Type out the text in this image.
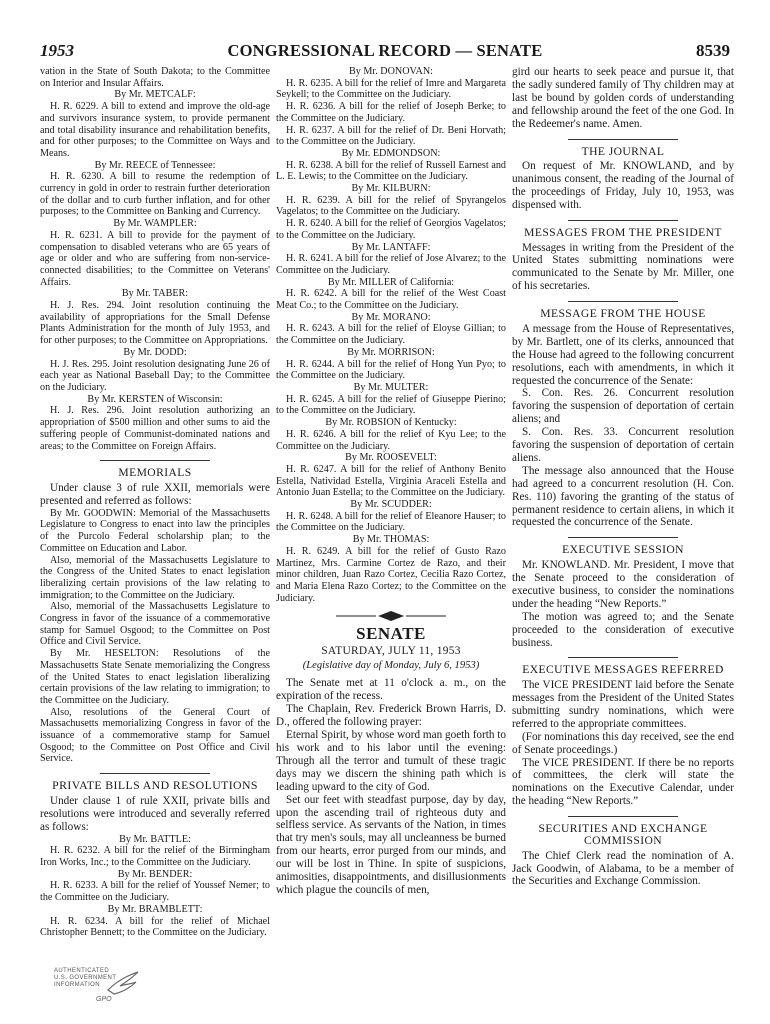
1953	CONGRESSIONAL RECORD — SENATE	8539

vation in the State of South Dakota; to the Committee on Interior and Insular Affairs.

By Mr. METCALF:

H. R. 6229. A bill to extend and improve the old-age and survivors insurance system, to provide permanent and total disability insurance and rehabilitation benefits, and for other purposes; to the Committee on Ways and Means.

By Mr. REECE of Tennessee:

H. R. 6230. A bill to resume the redemption of currency in gold in order to restrain further deterioration of the dollar and to curb further inflation, and for other purposes; to the Committee on Banking and Currency.

By Mr. WAMPLER:

H. R. 6231. A bill to provide for the payment of compensation to disabled veterans who are 65 years of age or older and who are suffering from non-service-connected disabilities; to the Committee on Veterans' Affairs.

By Mr. TABER:

H. J. Res. 294. Joint resolution continuing the availability of appropriations for the Small Defense Plants Administration for the month of July 1953, and for other purposes; to the Committee on Appropriations.

By Mr. DODD:

H. J. Res. 295. Joint resolution designating June 26 of each year as National Baseball Day; to the Committee on the Judiciary.

By Mr. KERSTEN of Wisconsin:

H. J. Res. 296. Joint resolution authorizing an appropriation of $500 million and other sums to aid the suffering people of Communist-dominated nations and areas; to the Committee on Foreign Affairs.

MEMORIALS

Under clause 3 of rule XXII, memorials were presented and referred as follows:

By Mr. GOODWIN: Memorial of the Massachusetts Legislature to Congress to enact into law the principles of the Purcolo Federal scholarship plan; to the Committee on Education and Labor.

Also, memorial of the Massachusetts Legislature to the Congress of the United States to enact legislation liberalizing certain provisions of the law relating to immigration; to the Committee on the Judiciary.

Also, memorial of the Massachusetts Legislature to Congress in favor of the issuance of a commemorative stamp for Samuel Osgood; to the Committee on Post Office and Civil Service.

By Mr. HESELTON: Resolutions of the Massachusetts State Senate memorializing the Congress of the United States to enact legislation liberalizing certain provisions of the law relating to immigration; to the Committee on the Judiciary.

Also, resolutions of the General Court of Massachusetts memorializing Congress in favor of the issuance of a commemorative stamp for Samuel Osgood; to the Committee on Post Office and Civil Service.

PRIVATE BILLS AND RESOLUTIONS

Under clause 1 of rule XXII, private bills and resolutions were introduced and severally referred as follows:

By Mr. BATTLE:

H. R. 6232. A bill for the relief of the Birmingham Iron Works, Inc.; to the Committee on the Judiciary.

By Mr. BENDER:

H. R. 6233. A bill for the relief of Youssef Nemer; to the Committee on the Judiciary.

By Mr. BRAMBLETT:

H. R. 6234. A bill for the relief of Michael Christopher Bennett; to the Committee on the Judiciary.

By Mr. DONOVAN:

H. R. 6235. A bill for the relief of Imre and Margareta Seykell; to the Committee on the Judiciary.

H. R. 6236. A bill for the relief of Joseph Berke; to the Committee on the Judiciary.

H. R. 6237. A bill for the relief of Dr. Beni Horvath; to the Committee on the Judiciary.

By Mr. EDMONDSON:

H. R. 6238. A bill for the relief of Russell Earnest and L. E. Lewis; to the Committee on the Judiciary.

By Mr. KILBURN:

H. R. 6239. A bill for the relief of Spyrangelos Vagelatos; to the Committee on the Judiciary.

H. R. 6240. A bill for the relief of Georgios Vagelatos; to the Committee on the Judiciary.

By Mr. LANTAFF:

H. R. 6241. A bill for the relief of Jose Alvarez; to the Committee on the Judiciary.

By Mr. MILLER of California:

H. R. 6242. A bill for the relief of the West Coast Meat Co.; to the Committee on the Judiciary.

By Mr. MORANO:

H. R. 6243. A bill for the relief of Eloyse Gillian; to the Committee on the Judiciary.

By Mr. MORRISON:

H. R. 6244. A bill for the relief of Hong Yun Pyo; to the Committee on the Judiciary.

By Mr. MULTER:

H. R. 6245. A bill for the relief of Giuseppe Pierino; to the Committee on the Judiciary.

By Mr. ROBSION of Kentucky:

H. R. 6246. A bill for the relief of Kyu Lee; to the Committee on the Judiciary.

By Mr. ROOSEVELT:

H. R. 6247. A bill for the relief of Anthony Benito Estella, Natividad Estella, Virginia Araceli Estella and Antonio Juan Estella; to the Committee on the Judiciary.

By Mr. SCUDDER:

H. R. 6248. A bill for the relief of Eleanore Hauser; to the Committee on the Judiciary.

By Mr. THOMAS:

H. R. 6249. A bill for the relief of Gusto Razo Martinez, Mrs. Carmine Cortez de Razo, and their minor children, Juan Razo Cortez, Cecilia Razo Cortez, and Maria Elena Razo Cortez; to the Committee on the Judiciary.

SENATE
SATURDAY, JULY 11, 1953
(Legislative day of Monday, July 6, 1953)

The Senate met at 11 o'clock a. m., on the expiration of the recess.

The Chaplain, Rev. Frederick Brown Harris, D. D., offered the following prayer:

Eternal Spirit, by whose word man goeth forth to his work and to his labor until the evening: Through all the terror and tumult of these tragic days may we discern the shining path which is leading upward to the city of God.

Set our feet with steadfast purpose, day by day, upon the ascending trail of righteous duty and selfless service. As servants of the Nation, in times that try men's souls, may all uncleanness be burned from our hearts, error purged from our minds, and our will be lost in Thine. In spite of suspicions, animosities, disappointments, and disillusionments which plague the councils of men,

gird our hearts to seek peace and pursue it, that the sadly sundered family of Thy children may at last be bound by golden cords of understanding and fellowship around the feet of the one God. In the Redeemer's name. Amen.

THE JOURNAL

On request of Mr. KNOWLAND, and by unanimous consent, the reading of the Journal of the proceedings of Friday, July 10, 1953, was dispensed with.

MESSAGES FROM THE PRESIDENT

Messages in writing from the President of the United States submitting nominations were communicated to the Senate by Mr. Miller, one of his secretaries.

MESSAGE FROM THE HOUSE

A message from the House of Representatives, by Mr. Bartlett, one of its clerks, announced that the House had agreed to the following concurrent resolutions, each with amendments, in which it requested the concurrence of the Senate:

S. Con. Res. 26. Concurrent resolution favoring the suspension of deportation of certain aliens; and

S. Con. Res. 33. Concurrent resolution favoring the suspension of deportation of certain aliens.

The message also announced that the House had agreed to a concurrent resolution (H. Con. Res. 110) favoring the granting of the status of permanent residence to certain aliens, in which it requested the concurrence of the Senate.

EXECUTIVE SESSION

Mr. KNOWLAND. Mr. President, I move that the Senate proceed to the consideration of executive business, to consider the nominations under the heading “New Reports.”

The motion was agreed to; and the Senate proceeded to the consideration of executive business.

EXECUTIVE MESSAGES REFERRED

The VICE PRESIDENT laid before the Senate messages from the President of the United States submitting sundry nominations, which were referred to the appropriate committees.

(For nominations this day received, see the end of Senate proceedings.)

The VICE PRESIDENT. If there be no reports of committees, the clerk will state the nominations on the Executive Calendar, under the heading “New Reports.”

SECURITIES AND EXCHANGE COMMISSION

The Chief Clerk read the nomination of A. Jack Goodwin, of Alabama, to be a member of the Securities and Exchange Commission.

AUTHENTICATED
U.S. GOVERNMENT
INFORMATION
GPO
